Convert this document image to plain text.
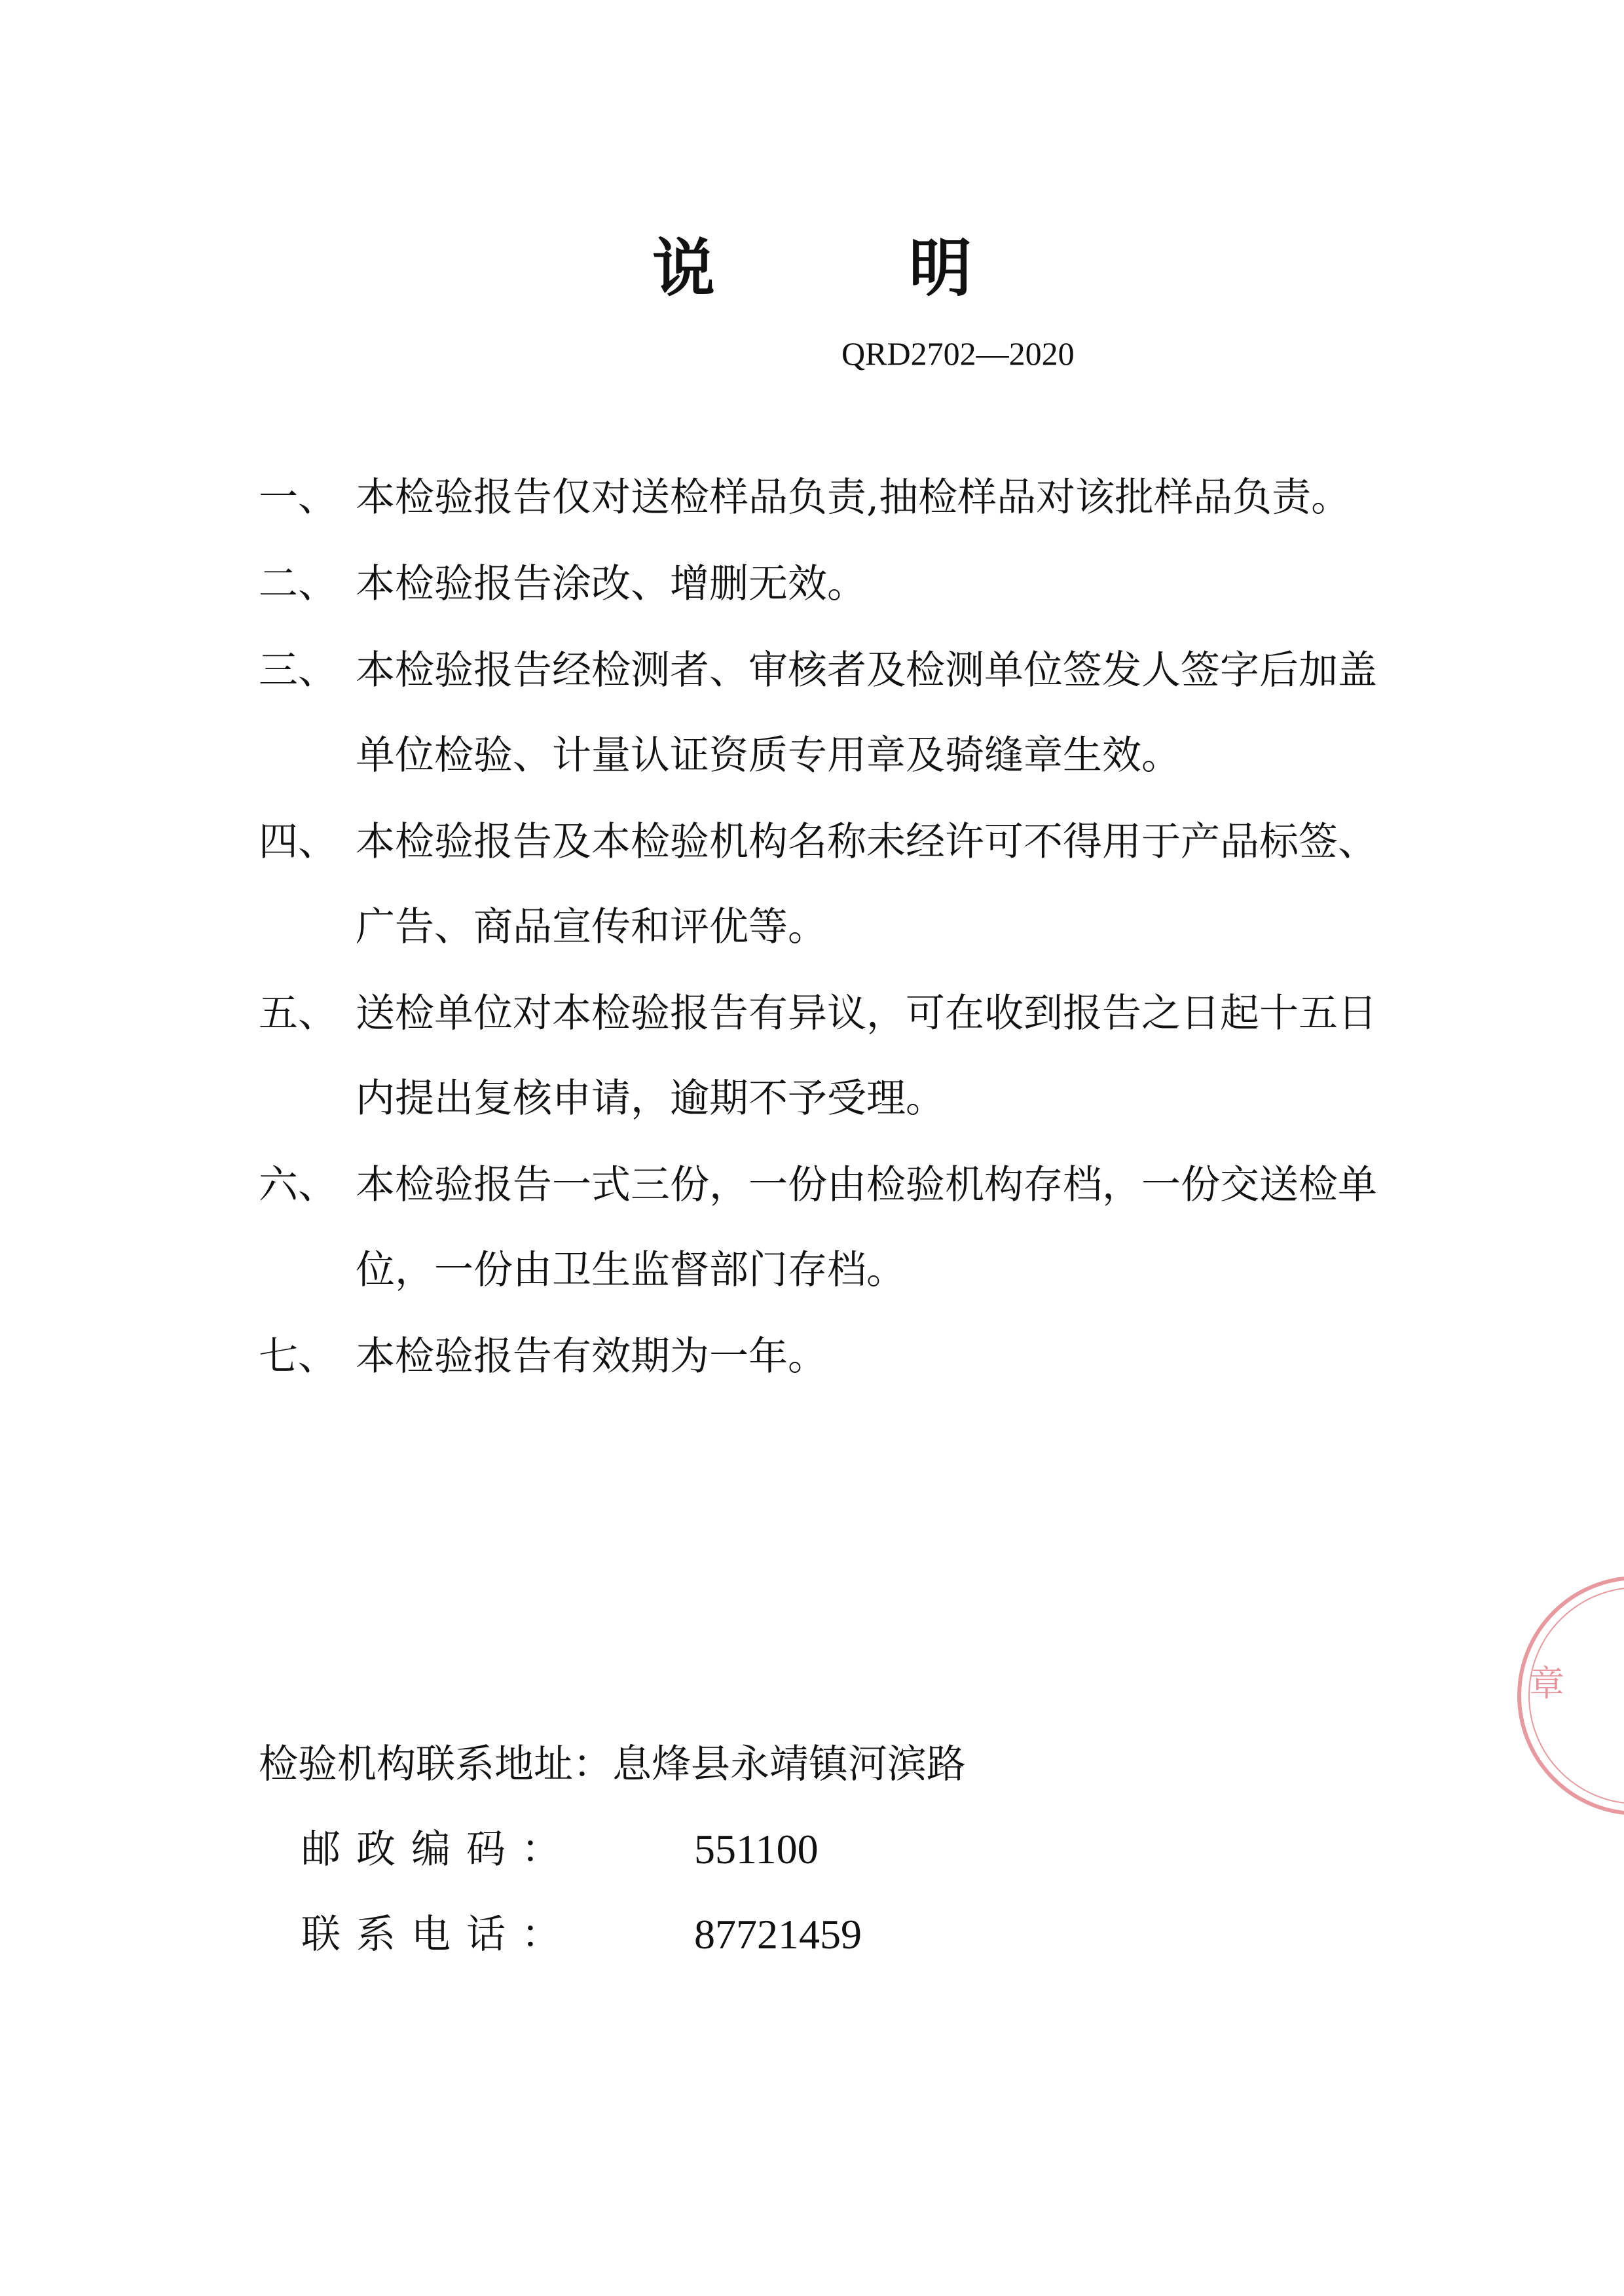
说　明
QRD2702—2020
一、 本检验报告仅对送检样品负责,抽检样品对该批样品负责。
二、 本检验报告涂改、增删无效。
三、 本检验报告经检测者、审核者及检测单位签发人签字后加盖单位检验、计量认证资质专用章及骑缝章生效。
四、 本检验报告及本检验机构名称未经许可不得用于产品标签、广告、商品宣传和评优等。
五、 送检单位对本检验报告有异议，可在收到报告之日起十五日内提出复核申请，逾期不予受理。
六、 本检验报告一式三份，一份由检验机构存档，一份交送检单位，一份由卫生监督部门存档。
七、 本检验报告有效期为一年。
检验机构联系地址：息烽县永靖镇河滨路
邮政编码：	551100
联系电话：	87721459
章
